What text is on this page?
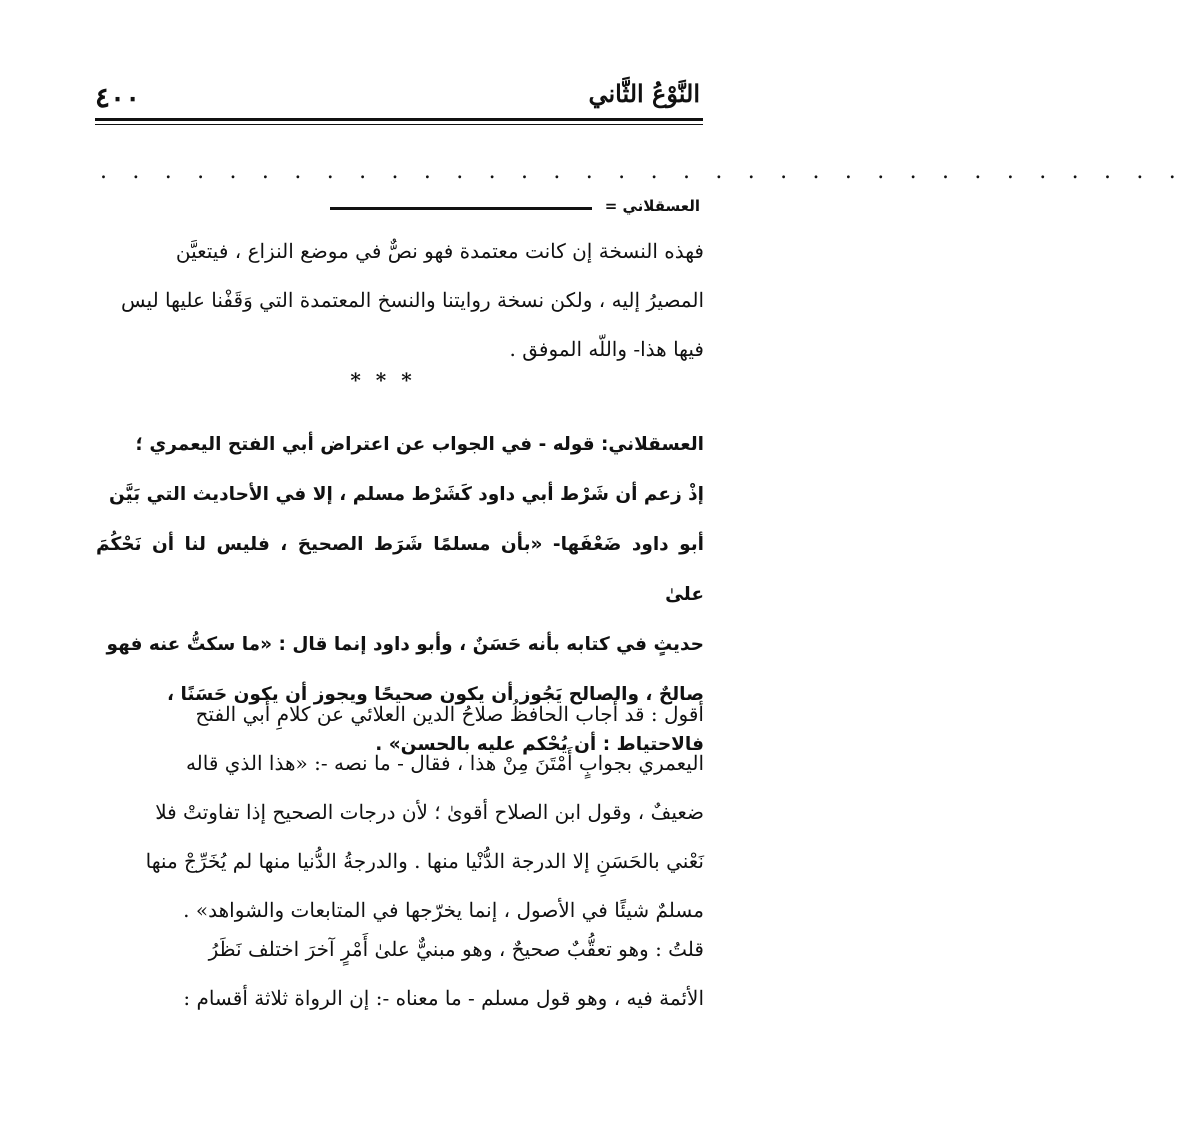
النَّوْعُ الثَّاني
٤٠٠
. . . . . . . . . . . . . . . . . . . . . . . . . . . . . . . . . .
العسقلاني =
فهذه النسخة إن كانت معتمدة فهو نصٌّ في موضع النزاع ، فيتعيَّن
المصيرُ إليه ، ولكن نسخة روايتنا والنسخ المعتمدة التي وَقَفْنا عليها ليس
فيها هذا- واللّه الموفق .
* * *
العسقلاني: قوله - في الجواب عن اعتراض أبي الفتح اليعمري ؛
إذْ زعم أن شَرْط أبي داود كَشَرْط مسلم ، إلا في الأحاديث التي بَيَّن
أبو داود ضَعْفَها- «بأن مسلمًا شَرَط الصحيحَ ، فليس لنا أن نَحْكُمَ علىٰ
حديثٍ في كتابه بأنه حَسَنٌ ، وأبو داود إنما قال : «ما سكتُّ عنه فهو
صالحٌ ، والصالح يَجُوز أن يكون صحيحًا ويجوز أن يكون حَسَنًا ،
فالاحتياط : أن يُحْكم عليه بالحسن» .
أقول : قد أجاب الحافظُ صلاحُ الدين العلائي عن كلامِ أبي الفتح
اليعمري بجوابٍ أَمْتَنَ مِنْ هذا ، فقال - ما نصه -: «هذا الذي قاله
ضعيفٌ ، وقول ابن الصلاح أقوىٰ ؛ لأن درجات الصحيح إذا تفاوتتْ فلا
نَعْني بالحَسَنِ إلا الدرجة الدُّنْيا منها . والدرجةُ الدُّنيا منها لم يُخَرِّجْ منها
مسلمٌ شيئًا في الأصول ، إنما يخرّجها في المتابعات والشواهد» .
قلتُ : وهو تعقُّبٌ صحيحٌ ، وهو مبنيٌّ علىٰ أَمْرٍ آخرَ اختلف نَظَرُ
الأئمة فيه ، وهو قول مسلم - ما معناه -: إن الرواة ثلاثة أقسام :
